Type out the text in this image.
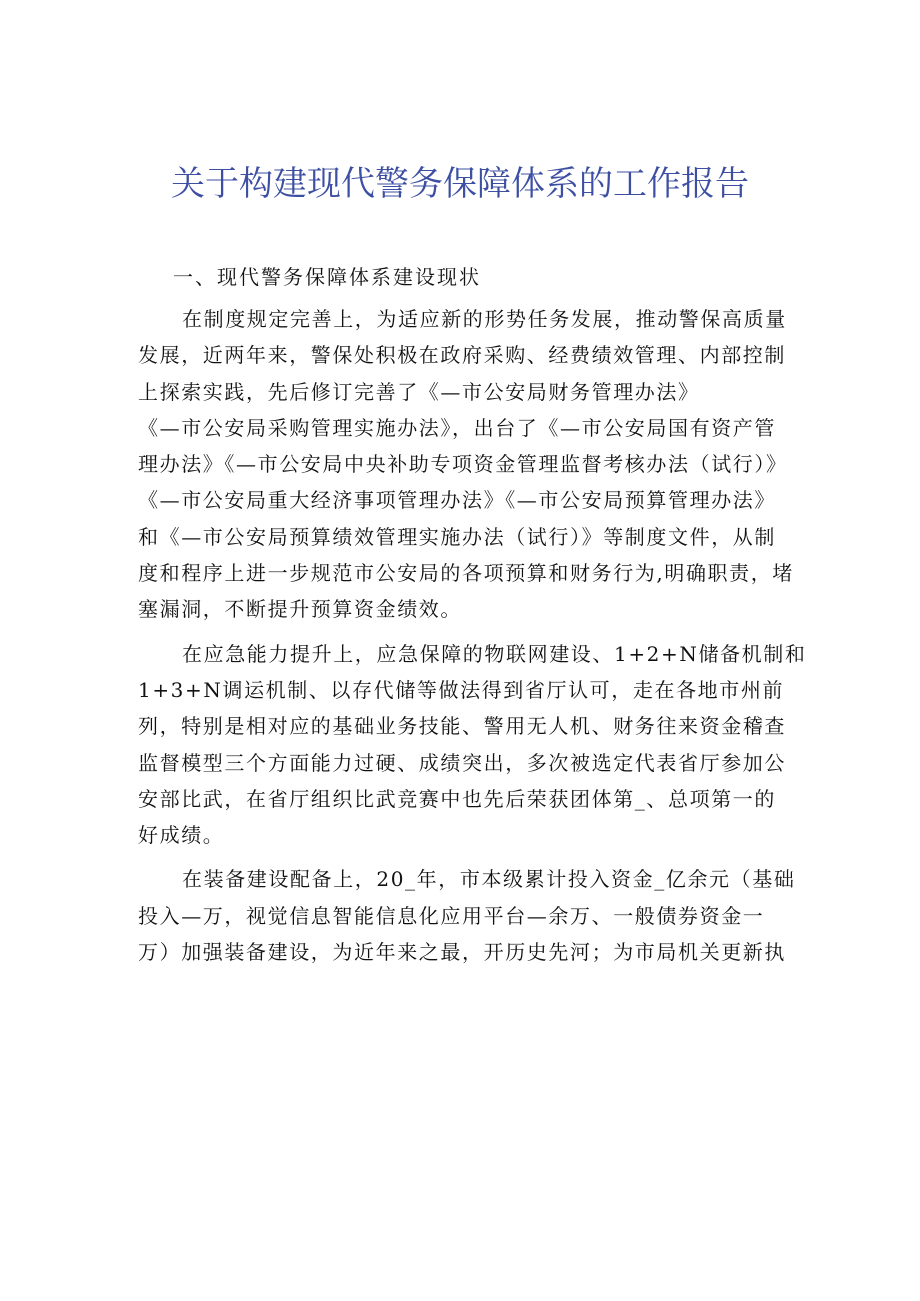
关于构建现代警务保障体系的工作报告
一、现代警务保障体系建设现状
在制度规定完善上，为适应新的形势任务发展，推动警保高质量
发展，近两年来，警保处积极在政府采购、经费绩效管理、内部控制
上探索实践，先后修订完善了《—市公安局财务管理办法》
《—市公安局采购管理实施办法》，出台了《—市公安局国有资产管
理办法》《—市公安局中央补助专项资金管理监督考核办法（试行）》
《—市公安局重大经济事项管理办法》《—市公安局预算管理办法》
和《—市公安局预算绩效管理实施办法（试行）》等制度文件，从制
度和程序上进一步规范市公安局的各项预算和财务行为,明确职责，堵
塞漏洞，不断提升预算资金绩效。
在应急能力提升上，应急保障的物联网建设、1+2+N储备机制和
1+3+N调运机制、以存代储等做法得到省厅认可，走在各地市州前
列，特别是相对应的基础业务技能、警用无人机、财务往来资金稽查
监督模型三个方面能力过硬、成绩突出，多次被选定代表省厅参加公
安部比武，在省厅组织比武竞赛中也先后荣获团体第_、总项第一的
好成绩。
在装备建设配备上，20_年，市本级累计投入资金_亿余元（基础
投入—万，视觉信息智能信息化应用平台—余万、一般债券资金一
万）加强装备建设，为近年来之最，开历史先河；为市局机关更新执
